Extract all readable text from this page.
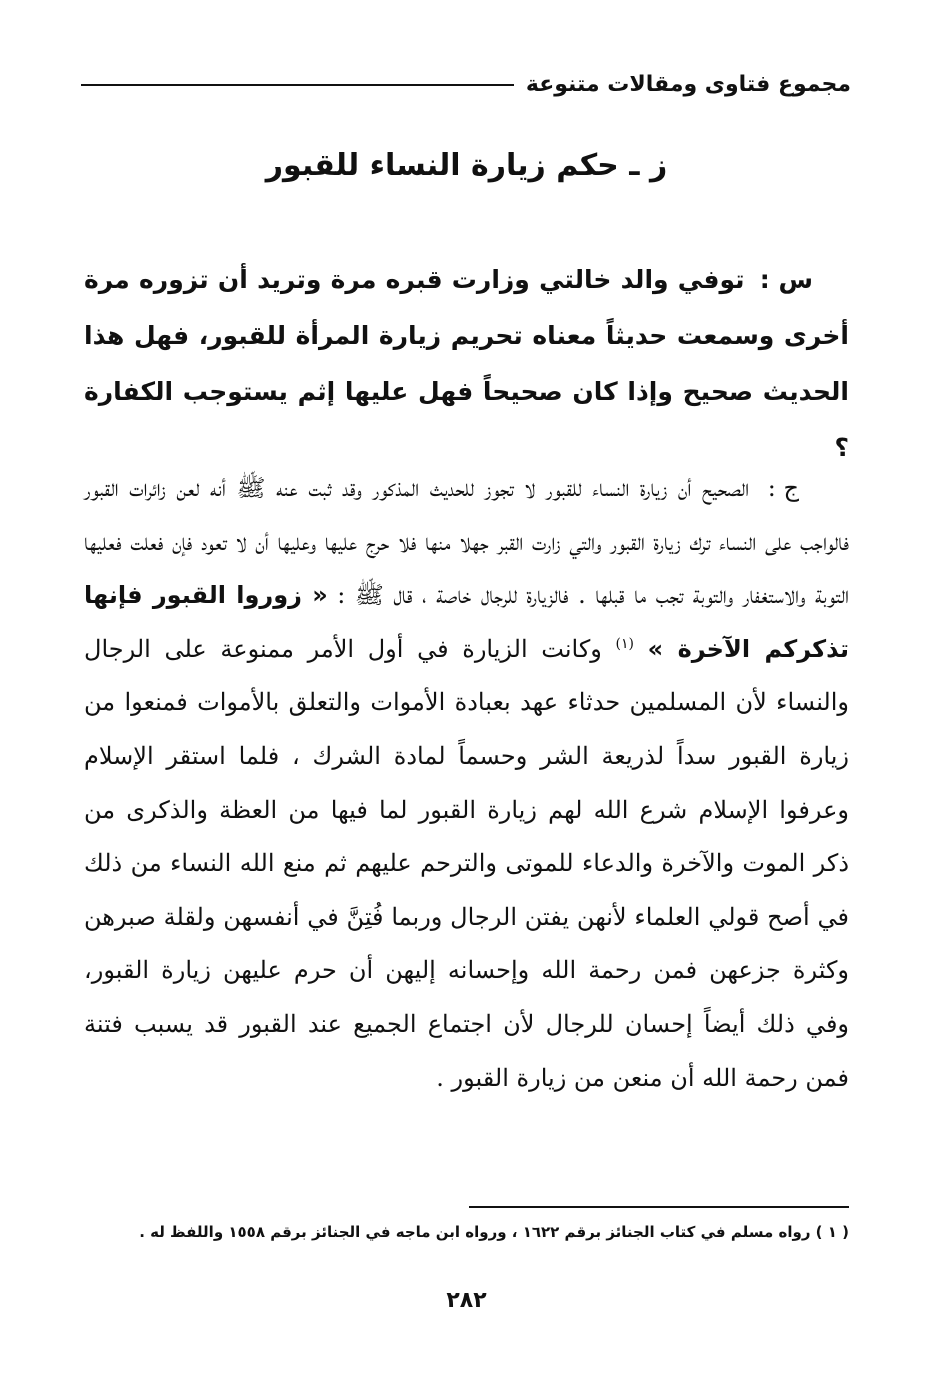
مجموع فتاوى ومقالات متنوعة
ز ـ حكم زيارة النساء للقبور
س : توفي والد خالتي وزارت قبره مرة وتريد أن تزوره مرة أخرى وسمعت حديثاً معناه تحريم زيارة المرأة للقبور، فهل هذا الحديث صحيح وإذا كان صحيحاً فهل عليها إثم يستوجب الكفارة ؟
ج : الصحيح أن زيارة النساء للقبور لا تجوز للحديث المذكور وقد ثبت عنه ﷺ أنه لعن زائرات القبور فالواجب على النساء ترك زيارة القبور والتي زارت القبر جهلا منها فلا حرج عليها وعليها أن لا تعود فإن فعلت فعليها التوبة والاستغفار والتوبة تجب ما قبلها . فالزيارة للرجال خاصة ، قال ﷺ : « زوروا القبور فإنها تذكركم الآخرة » $^{(١)}$ وكانت الزيارة في أول الأمر ممنوعة على الرجال والنساء لأن المسلمين حدثاء عهد بعبادة الأموات والتعلق بالأموات فمنعوا من زيارة القبور سداً لذريعة الشر وحسماً لمادة الشرك ، فلما استقر الإسلام وعرفوا الإسلام شرع الله لهم زيارة القبور لما فيها من العظة والذكرى من ذكر الموت والآخرة والدعاء للموتى والترحم عليهم ثم منع الله النساء من ذلك في أصح قولي العلماء لأنهن يفتن الرجال وربما فُتِنَّ في أنفسهن ولقلة صبرهن وكثرة جزعهن فمن رحمة الله وإحسانه إليهن أن حرم عليهن زيارة القبور، وفي ذلك أيضاً إحسان للرجال لأن اجتماع الجميع عند القبور قد يسبب فتنة فمن رحمة الله أن منعن من زيارة القبور .
( ١ ) رواه مسلم في كتاب الجنائز برقم ١٦٢٢ ، ورواه ابن ماجه في الجنائز برقم ١٥٥٨ واللفظ له .
٢٨٢
